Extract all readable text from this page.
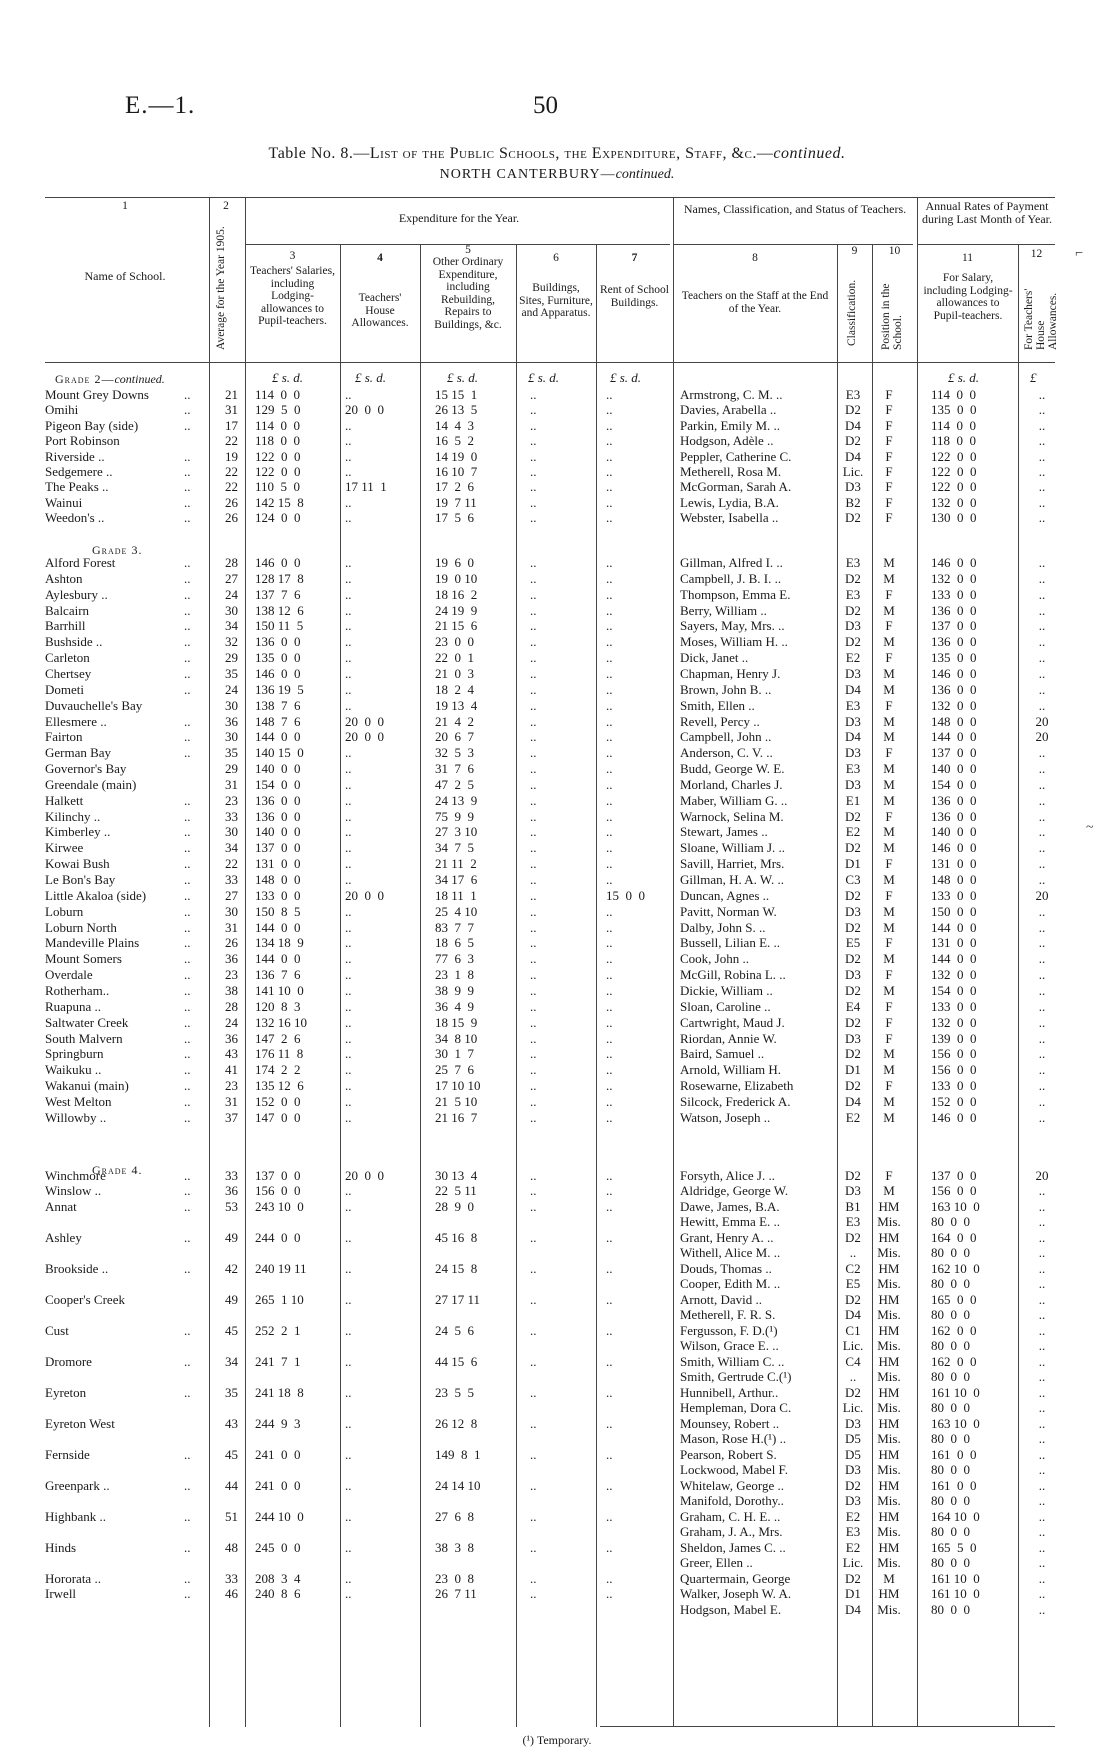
E.—1.	50
Table No. 8.—List of the Public Schools, the Expenditure, Staff, &c.—continued.
NORTH CANTERBURY—continued.
1
Name of School.
2
Average for the Year 1905.
Expenditure for the Year.
Names, Classification, and Status of Teachers.	Annual Rates of Payment during Last Month of Year.
3
Teachers' Salaries, including Lodging-allowances to Pupil-teachers.
4
Teachers' House Allowances.
5
Other Ordinary Expenditure, including Rebuilding, Repairs to Buildings, &c.
6
Buildings, Sites, Furniture, and Apparatus.
7
Rent of School Buildings.
8
Teachers on the Staff at the End of the Year.
9
Classification.
10
Position in the School.
11
For Salary, including Lodging-allowances to Pupil-teachers.
12
For Teachers' House Allowances.
£ s. d.	£ s. d.	£ s. d.	£ s. d.	£ s. d.	£ s. d.	£
Grade 2—continued.
Grade 3.
Grade 4.
Mount Grey Downs	..	21 114  0  0	..	15 15  1	..	..	Armstrong, C. M. ..	E3	F	114  0  0	..
Omihi	..	31 129  5  0	20  0  0	26 13  5	..	..	Davies, Arabella ..	D2	F	135  0  0	..
Pigeon Bay (side)	..	17 114  0  0	..	14  4  3	..	..	Parkin, Emily M. ..	D4	F	114  0  0	..
Port Robinson	22 118  0  0	..	16  5  2	..	..	Hodgson, Adèle ..	D2	F	118  0  0	..
Riverside ..	..	19 122  0  0	..	14 19  0	..	..	Peppler, Catherine C.	D4	F	122  0  0	..
Sedgemere ..	..	22 122  0  0	..	16 10  7	..	..	Metherell, Rosa M.	Lic.	F	122  0  0	..
The Peaks ..	..	22 110  5  0	17 11  1	17  2  6	..	..	McGorman, Sarah A.	D3	F	122  0  0	..
Wainui	..	26 142 15  8	..	19  7 11	..	..	Lewis, Lydia, B.A.	B2	F	132  0  0	..
Weedon's ..	..	26 124  0  0	..	17  5  6	..	..	Webster, Isabella ..	D2	F	130  0  0	..
Alford Forest	..	28 146  0  0	..	19  6  0	..	..	Gillman, Alfred I. ..	E3	M	146  0  0	..
Ashton	..	27 128 17  8	..	19  0 10	..	..	Campbell, J. B. I. ..	D2	M	132  0  0	..
Aylesbury ..	..	24 137  7  6	..	18 16  2	..	..	Thompson, Emma E.	E3	F	133  0  0	..
Balcairn	..	30 138 12  6	..	24 19  9	..	..	Berry, William ..	D2	M	136  0  0	..
Barrhill	..	34 150 11  5	..	21 15  6	..	..	Sayers, May, Mrs. ..	D3	F	137  0  0	..
Bushside ..	..	32 136  0  0	..	23  0  0	..	..	Moses, William H. ..	D2	M	136  0  0	..
Carleton	..	29 135  0  0	..	22  0  1	..	..	Dick, Janet ..	E2	F	135  0  0	..
Chertsey	..	35 146  0  0	..	21  0  3	..	..	Chapman, Henry J.	D3	M	146  0  0	..
Dometi	..	24 136 19  5	..	18  2  4	..	..	Brown, John B. ..	D4	M	136  0  0	..
Duvauchelle's Bay	30 138  7  6	..	19 13  4	..	..	Smith, Ellen ..	E3	F	132  0  0	..
Ellesmere ..	..	36 148  7  6	20  0  0	21  4  2	..	..	Revell, Percy ..	D3	M	148  0  0	20
Fairton	..	30 144  0  0	20  0  0	20  6  7	..	..	Campbell, John ..	D4	M	144  0  0	20
German Bay	..	35 140 15  0	..	32  5  3	..	..	Anderson, C. V. ..	D3	F	137  0  0	..
Governor's Bay	29 140  0  0	..	31  7  6	..	..	Budd, George W. E.	E3	M	140  0  0	..
Greendale (main)	31 154  0  0	..	47  2  5	..	..	Morland, Charles J.	D3	M	154  0  0	..
Halkett	..	23 136  0  0	..	24 13  9	..	..	Maber, William G. ..	E1	M	136  0  0	..
Kilinchy ..	..	33 136  0  0	..	75  9  9	..	..	Warnock, Selina M.	D2	F	136  0  0	..
Kimberley ..	..	30 140  0  0	..	27  3 10	..	..	Stewart, James ..	E2	M	140  0  0	..
Kirwee	..	34 137  0  0	..	34  7  5	..	..	Sloane, William J. ..	D2	M	146  0  0	..
Kowai Bush	..	22 131  0  0	..	21 11  2	..	..	Savill, Harriet, Mrs.	D1	F	131  0  0	..
Le Bon's Bay	..	33 148  0  0	..	34 17  6	..	..	Gillman, H. A. W. ..	C3	M	148  0  0	..
Little Akaloa (side)	..	27 133  0  0	20  0  0	18 11  1	..	15  0  0	Duncan, Agnes ..	D2	F	133  0  0	20
Loburn	..	30 150  8  5	..	25  4 10	..	..	Pavitt, Norman W.	D3	M	150  0  0	..
Loburn North	..	31 144  0  0	..	83  7  7	..	..	Dalby, John S. ..	D2	M	144  0  0	..
Mandeville Plains	..	26 134 18  9	..	18  6  5	..	..	Bussell, Lilian E. ..	E5	F	131  0  0	..
Mount Somers	..	36 144  0  0	..	77  6  3	..	..	Cook, John ..	D2	M	144  0  0	..
Overdale	..	23 136  7  6	..	23  1  8	..	..	McGill, Robina L. ..	D3	F	132  0  0	..
Rotherham..	..	38 141 10  0	..	38  9  9	..	..	Dickie, William ..	D2	M	154  0  0	..
Ruapuna ..	..	28 120  8  3	..	36  4  9	..	..	Sloan, Caroline ..	E4	F	133  0  0	..
Saltwater Creek	..	24 132 16 10	..	18 15  9	..	..	Cartwright, Maud J.	D2	F	132  0  0	..
South Malvern	..	36 147  2  6	..	34  8 10	..	..	Riordan, Annie W.	D3	F	139  0  0	..
Springburn	..	43 176 11  8	..	30  1  7	..	..	Baird, Samuel ..	D2	M	156  0  0	..
Waikuku ..	..	41 174  2  2	..	25  7  6	..	..	Arnold, William H.	D1	M	156  0  0	..
Wakanui (main)	..	23 135 12  6	..	17 10 10	..	..	Rosewarne, Elizabeth	D2	F	133  0  0	..
West Melton	..	31 152  0  0	..	21  5 10	..	..	Silcock, Frederick A.	D4	M	152  0  0	..
Willowby ..	..	37 147  0  0	..	21 16  7	..	..	Watson, Joseph ..	E2	M	146  0  0	..
Winchmore	..	33 137  0  0	20  0  0	30 13  4	..	..	Forsyth, Alice J. ..	D2	F	137  0  0	20
Winslow ..	..	36 156  0  0	..	22  5 11	..	..	Aldridge, George W.	D3	M	156  0  0	..
Annat	..	53 243 10  0	..	28  9  0	..	..	Dawe, James, B.A.	B1	HM	163 10  0	..
Hewitt, Emma E. ..	E3	Mis.	80  0  0	..
Ashley	..	49 244  0  0	..	45 16  8	..	..	Grant, Henry A. ..	D2	HM	164  0  0	..
Withell, Alice M. ..	..	Mis.	80  0  0	..
Brookside ..	..	42 240 19 11	..	24 15  8	..	..	Douds, Thomas ..	C2	HM	162 10  0	..
Cooper, Edith M. ..	E5	Mis.	80  0  0	..
Cooper's Creek	49 265  1 10	..	27 17 11	..	..	Arnott, David ..	D2	HM	165  0  0	..
Metherell, F. R. S.	D4	Mis.	80  0  0	..
Cust	..	45 252  2  1	..	24  5  6	..	..	Fergusson, F. D.(¹)	C1	HM	162  0  0	..
Wilson, Grace E. ..	Lic.	Mis.	80  0  0	..
Dromore	..	34 241  7  1	..	44 15  6	..	..	Smith, William C. ..	C4	HM	162  0  0	..
Smith, Gertrude C.(¹)	..	Mis.	80  0  0	..
Eyreton	..	35 241 18  8	..	23  5  5	..	..	Hunnibell, Arthur..	D2	HM	161 10  0	..
Hempleman, Dora C.	Lic.	Mis.	80  0  0	..
Eyreton West	43 244  9  3	..	26 12  8	..	..	Mounsey, Robert ..	D3	HM	163 10  0	..
Mason, Rose H.(¹) ..	D5	Mis.	80  0  0	..
Fernside	..	45 241  0  0	..	149  8  1	..	..	Pearson, Robert S.	D5	HM	161  0  0	..
Lockwood, Mabel F.	D3	Mis.	80  0  0	..
Greenpark ..	..	44 241  0  0	..	24 14 10	..	..	Whitelaw, George ..	D2	HM	161  0  0	..
Manifold, Dorothy..	D3	Mis.	80  0  0	..
Highbank ..	..	51 244 10  0	..	27  6  8	..	..	Graham, C. H. E. ..	E2	HM	164 10  0	..
Graham, J. A., Mrs.	E3	Mis.	80  0  0	..
Hinds	..	48 245  0  0	..	38  3  8	..	..	Sheldon, James C. ..	E2	HM	165  5  0	..
Greer, Ellen ..	Lic.	Mis.	80  0  0	..
Hororata ..	..	33 208  3  4	..	23  0  8	..	..	Quartermain, George	D2	M	161 10  0	..
Irwell	..	46 240  8  6	..	26  7 11	..	..	Walker, Joseph W. A.	D1	HM	161 10  0	..
Hodgson, Mabel E.	D4	Mis.	80  0  0	..
(¹) Temporary.
 ⌐
~
